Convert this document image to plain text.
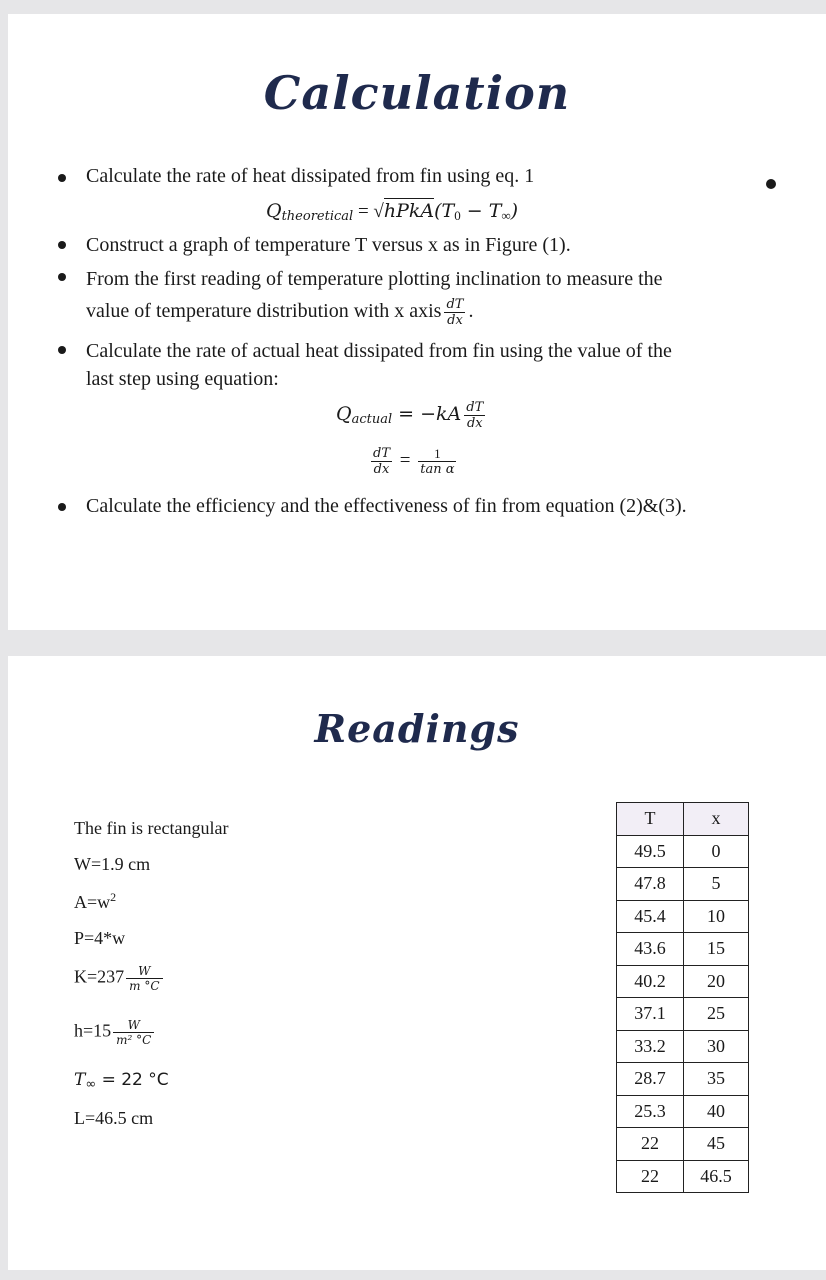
Calculation
Calculate the rate of heat dissipated from fin using eq. 1
$Q_{theoretical}$ = $√hPkA(T_0 - T_\infty)$
Construct a graph of temperature T versus x as in Figure (1).
From the first reading of temperature plotting inclination to measure the
value of temperature distribution with x axis $\frac{dT}{dx}$ .
Calculate the rate of actual heat dissipated from fin using the value of the
last step using equation:
$Q_{actual} = -kA \frac{dT}{dx}$
$\frac{dT}{dx} = \frac{1}{\text{tan α}}$
Calculate the efficiency and the effectiveness of fin from equation (2)&(3).
Readings
The fin is rectangular
W=1.9 cm
$A=w^2$
P=4*w
$K=237 \frac{W}{m ^\circ C}$
$h=15 \frac{W}{\text{m² °C}}$
$T_\infty = 22$ °C
L=46.5 cm
T	x
49.5	0
47.8	5
45.4	10
43.6	15
40.2	20
37.1	25
33.2	30
28.7	35
25.3	40
22	45
22	46.5
